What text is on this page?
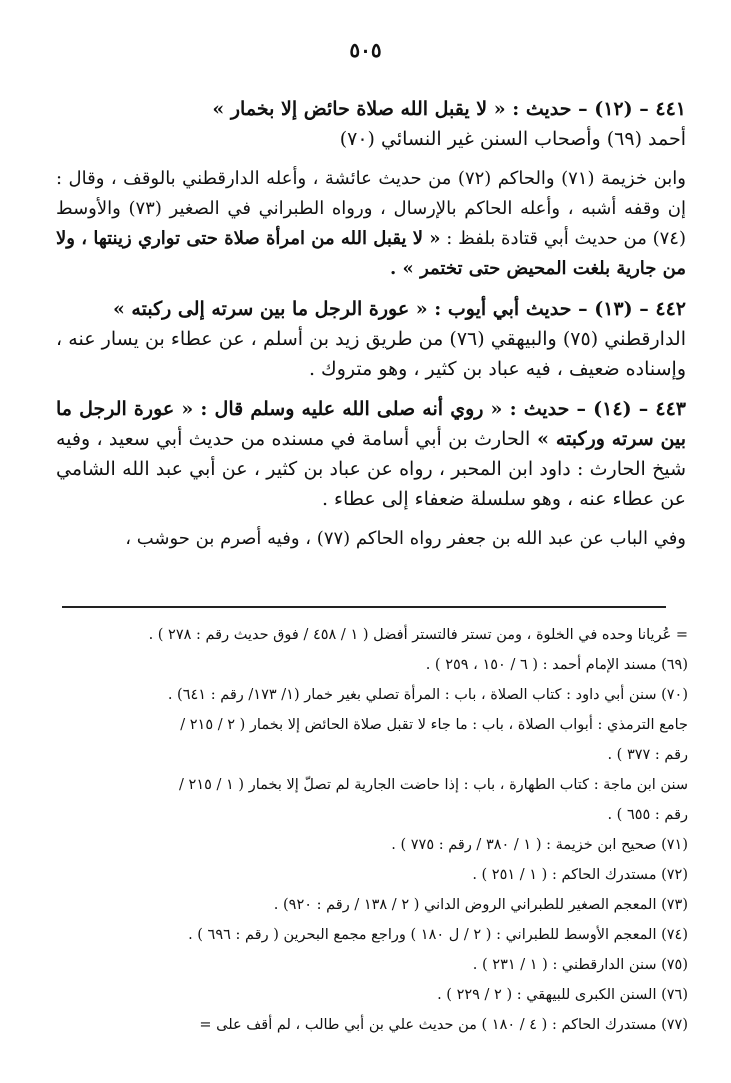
٥٠٥

٤٤١ – (١٢) – حديث : « لا يقبل الله صلاة حائض إلا بخمار »
أحمد (٦٩) وأصحاب السنن غير النسائي (٧٠)

وابن خزيمة (٧١) والحاكم (٧٢) من حديث عائشة ، وأعله الدارقطني بالوقف ، وقال : إن وقفه أشبه ، وأعله الحاكم بالإرسال ، ورواه الطبراني في الصغير (٧٣) والأوسط (٧٤) من حديث أبي قتادة بلفظ : « لا يقبل الله من امرأة صلاة حتى تواري زينتها ، ولا من جارية بلغت المحيض حتى تختمر » .

٤٤٢ – (١٣) – حديث أبي أيوب : « عورة الرجل ما بين سرته إلى ركبته »
الدارقطني (٧٥) والبيهقي (٧٦) من طريق زيد بن أسلم ، عن عطاء بن يسار عنه ، وإسناده ضعيف ، فيه عباد بن كثير ، وهو متروك .

٤٤٣ – (١٤) – حديث : « روي أنه صلى الله عليه وسلم قال : « عورة الرجل ما بين سرته وركبته » الحارث بن أبي أسامة في مسنده من حديث أبي سعيد ، وفيه شيخ الحارث : داود ابن المحبر ، رواه عن عباد بن كثير ، عن أبي عبد الله الشامي عن عطاء عنه ، وهو سلسلة ضعفاء إلى عطاء .

وفي الباب عن عبد الله بن جعفر رواه الحاكم (٧٧) ، وفيه أصرم بن حوشب ،

= عُريانا وحده في الخلوة ، ومن تستر فالتستر أفضل ( ١ / ٤٥٨ / فوق حديث رقم : ٢٧٨ ) .
(٦٩) مسند الإمام أحمد : ( ٦ / ١٥٠ ، ٢٥٩ ) .
(٧٠) سنن أبي داود : كتاب الصلاة ، باب : المرأة تصلي بغير خمار (١/ ١٧٣/ رقم : ٦٤١) .
جامع الترمذي : أبواب الصلاة ، باب : ما جاء لا تقبل صلاة الحائض إلا بخمار ( ٢ / ٢١٥ /
رقم : ٣٧٧ ) .
سنن ابن ماجة : كتاب الطهارة ، باب : إذا حاضت الجارية لم تصلّ إلا بخمار ( ١ / ٢١٥ /
رقم : ٦٥٥ ) .
(٧١) صحيح ابن خزيمة : ( ١ / ٣٨٠ / رقم : ٧٧٥ ) .
(٧٢) مستدرك الحاكم : ( ١ / ٢٥١ ) .
(٧٣) المعجم الصغير للطبراني الروض الداني ( ٢ / ١٣٨ / رقم : ٩٢٠) .
(٧٤) المعجم الأوسط للطبراني : ( ٢ / ل ١٨٠ ) وراجع مجمع البحرين ( رقم : ٦٩٦ ) .
(٧٥) سنن الدارقطني : ( ١ / ٢٣١ ) .
(٧٦) السنن الكبرى للبيهقي : ( ٢ / ٢٢٩ ) .
(٧٧) مستدرك الحاكم : ( ٤ / ١٨٠ ) من حديث علي بن أبي طالب ، لم أقف على =
